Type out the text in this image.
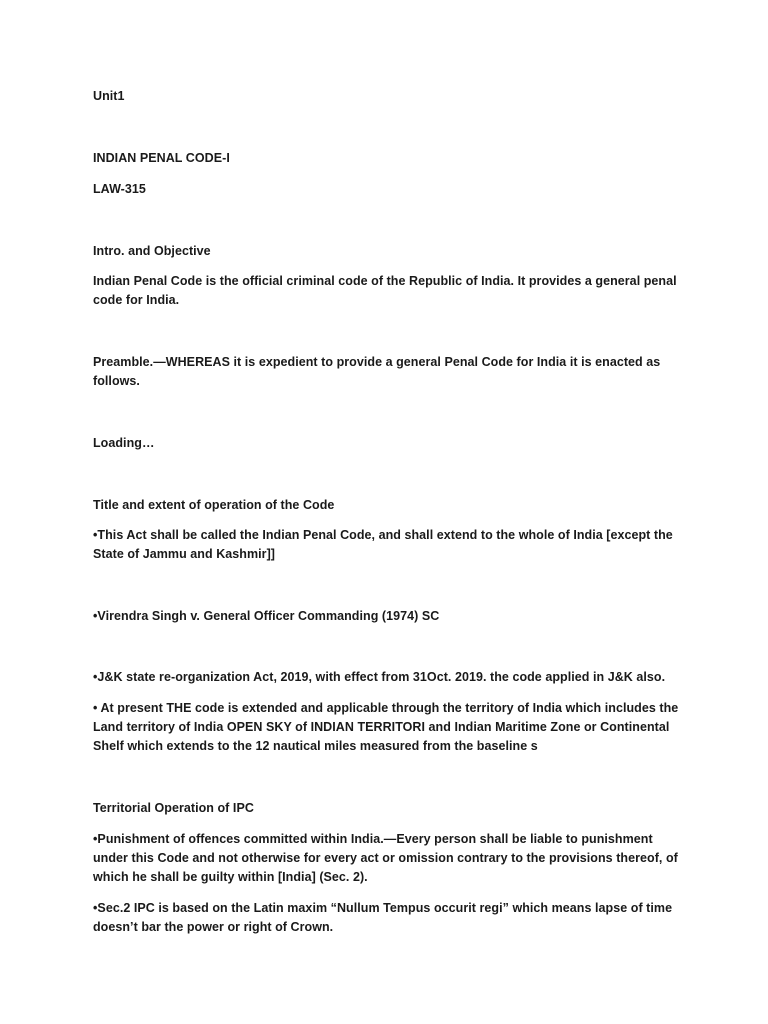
Unit1

INDIAN PENAL CODE-I

LAW-315

Intro. and Objective

Indian Penal Code is the official criminal code of the Republic of India. It provides a general penal

code for India.

Preamble.—WHEREAS it is expedient to provide a general Penal Code for India it is enacted as

follows.

Loading…

Title and extent of operation of the Code

•This Act shall be called the Indian Penal Code, and shall extend to the whole of India [except the

State of Jammu and Kashmir]]

•Virendra Singh v. General Officer Commanding (1974) SC

•J&K state re-organization Act, 2019, with effect from 31Oct. 2019. the code applied in J&K also.

• At present THE code is extended and applicable through the territory of India which includes the

Land territory of India OPEN SKY of INDIAN TERRITORI and Indian Maritime Zone or Continental

Shelf which extends to the 12 nautical miles measured from the baseline s

Territorial Operation of IPC

•Punishment of offences committed within India.—Every person shall be liable to punishment

under this Code and not otherwise for every act or omission contrary to the provisions thereof, of

which he shall be guilty within [India] (Sec. 2).

•Sec.2 IPC is based on the Latin maxim “Nullum Tempus occurit regi” which means lapse of time

doesn’t bar the power or right of Crown.
